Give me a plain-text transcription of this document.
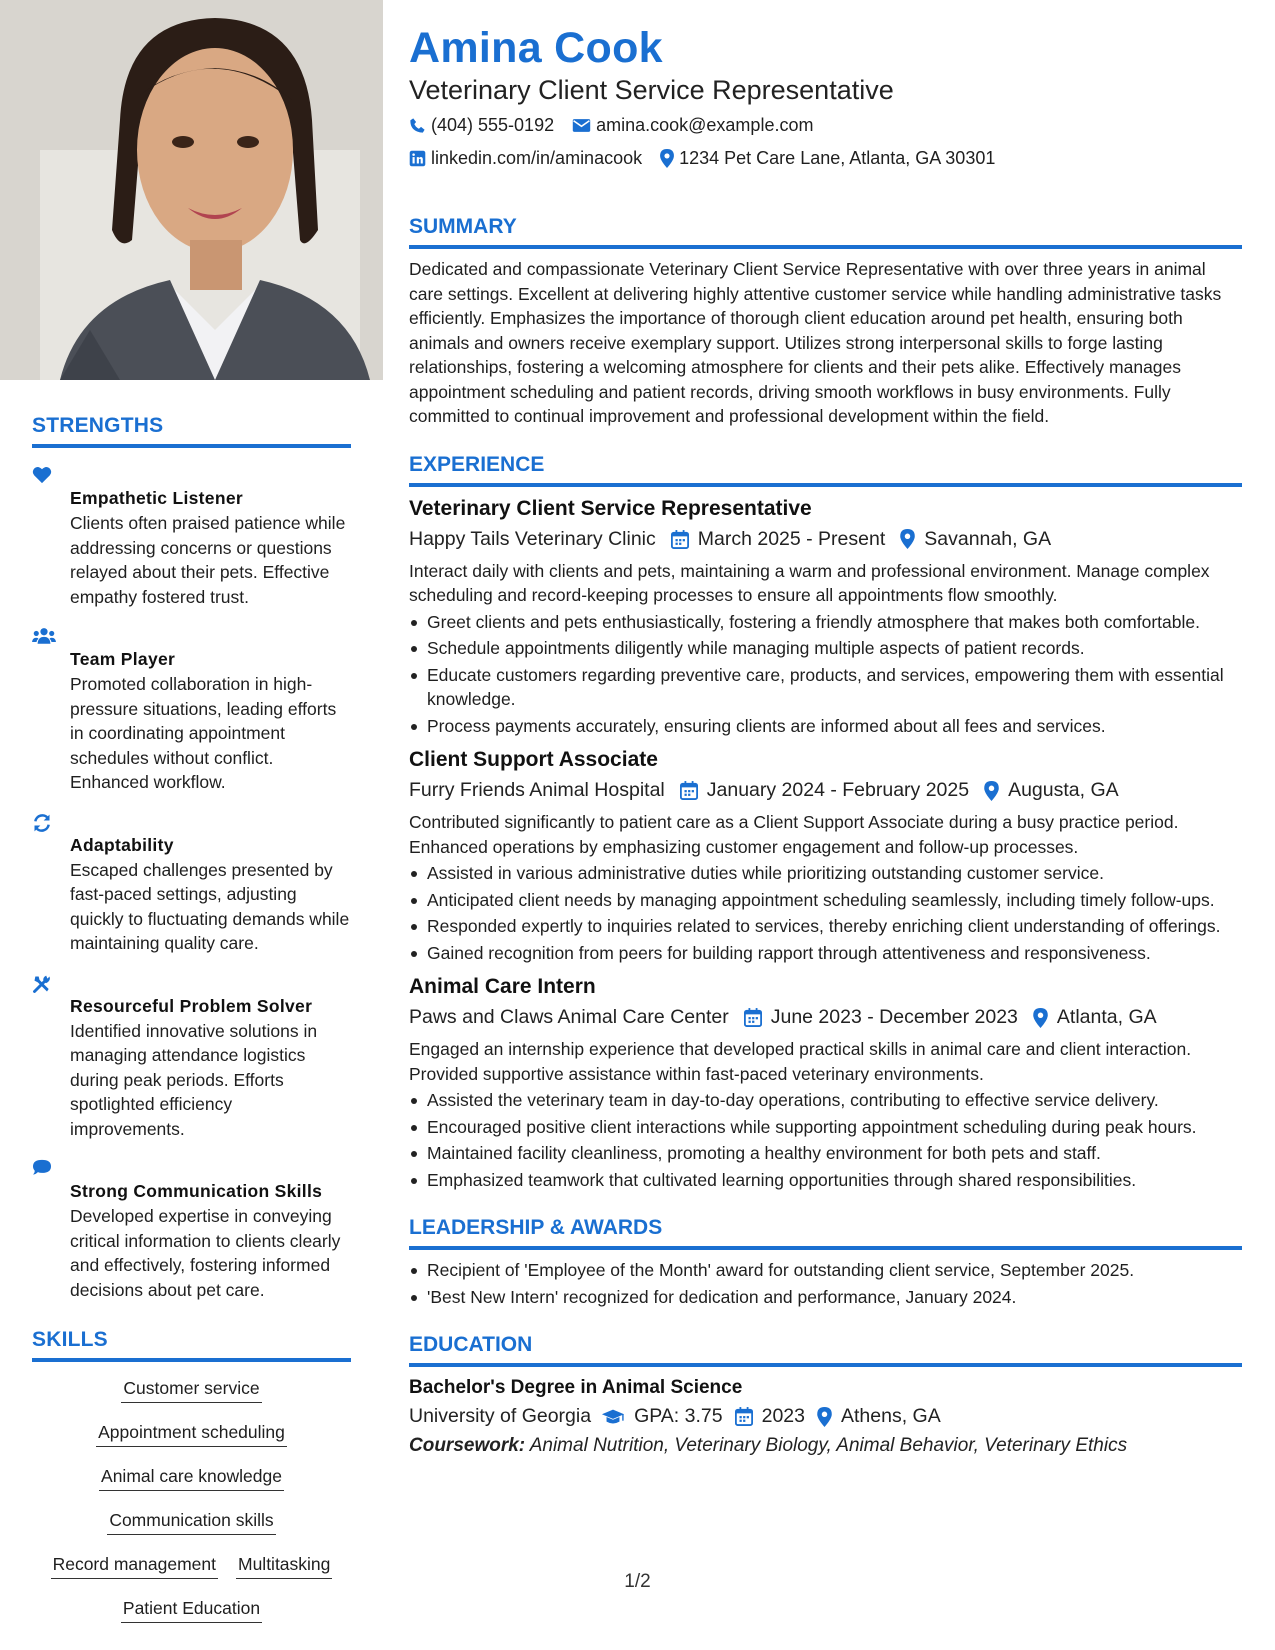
STRENGTHS
Empathetic Listener
Clients often praised patience while addressing concerns or questions relayed about their pets. Effective empathy fostered trust.
Team Player
Promoted collaboration in high-pressure situations, leading efforts in coordinating appointment schedules without conflict. Enhanced workflow.
Adaptability
Escaped challenges presented by fast-paced settings, adjusting quickly to fluctuating demands while maintaining quality care.
Resourceful Problem Solver
Identified innovative solutions in managing attendance logistics during peak periods. Efforts spotlighted efficiency improvements.
Strong Communication Skills
Developed expertise in conveying critical information to clients clearly and effectively, fostering informed decisions about pet care.
SKILLS
Customer service
Appointment scheduling
Animal care knowledge
Communication skills
Record management Multitasking
Patient Education
Amina Cook
Veterinary Client Service Representative
(404) 555-0192 amina.cook@example.com
linkedin.com/in/aminacook 1234 Pet Care Lane, Atlanta, GA 30301
SUMMARY
Dedicated and compassionate Veterinary Client Service Representative with over three years in animal care settings. Excellent at delivering highly attentive customer service while handling administrative tasks efficiently. Emphasizes the importance of thorough client education around pet health, ensuring both animals and owners receive exemplary support. Utilizes strong interpersonal skills to forge lasting relationships, fostering a welcoming atmosphere for clients and their pets alike. Effectively manages appointment scheduling and patient records, driving smooth workflows in busy environments. Fully committed to continual improvement and professional development within the field.
EXPERIENCE
Veterinary Client Service Representative
Happy Tails Veterinary Clinic March 2025 - Present Savannah, GA
Interact daily with clients and pets, maintaining a warm and professional environment. Manage complex scheduling and record-keeping processes to ensure all appointments flow smoothly.
Greet clients and pets enthusiastically, fostering a friendly atmosphere that makes both comfortable.
Schedule appointments diligently while managing multiple aspects of patient records.
Educate customers regarding preventive care, products, and services, empowering them with essential knowledge.
Process payments accurately, ensuring clients are informed about all fees and services.
Client Support Associate
Furry Friends Animal Hospital January 2024 - February 2025 Augusta, GA
Contributed significantly to patient care as a Client Support Associate during a busy practice period. Enhanced operations by emphasizing customer engagement and follow-up processes.
Assisted in various administrative duties while prioritizing outstanding customer service.
Anticipated client needs by managing appointment scheduling seamlessly, including timely follow-ups.
Responded expertly to inquiries related to services, thereby enriching client understanding of offerings.
Gained recognition from peers for building rapport through attentiveness and responsiveness.
Animal Care Intern
Paws and Claws Animal Care Center June 2023 - December 2023 Atlanta, GA
Engaged an internship experience that developed practical skills in animal care and client interaction. Provided supportive assistance within fast-paced veterinary environments.
Assisted the veterinary team in day-to-day operations, contributing to effective service delivery.
Encouraged positive client interactions while supporting appointment scheduling during peak hours.
Maintained facility cleanliness, promoting a healthy environment for both pets and staff.
Emphasized teamwork that cultivated learning opportunities through shared responsibilities.
LEADERSHIP & AWARDS
Recipient of 'Employee of the Month' award for outstanding client service, September 2025.
'Best New Intern' recognized for dedication and performance, January 2024.
EDUCATION
Bachelor's Degree in Animal Science
University of Georgia GPA: 3.75 2023 Athens, GA
Coursework: Animal Nutrition, Veterinary Biology, Animal Behavior, Veterinary Ethics
1/2
